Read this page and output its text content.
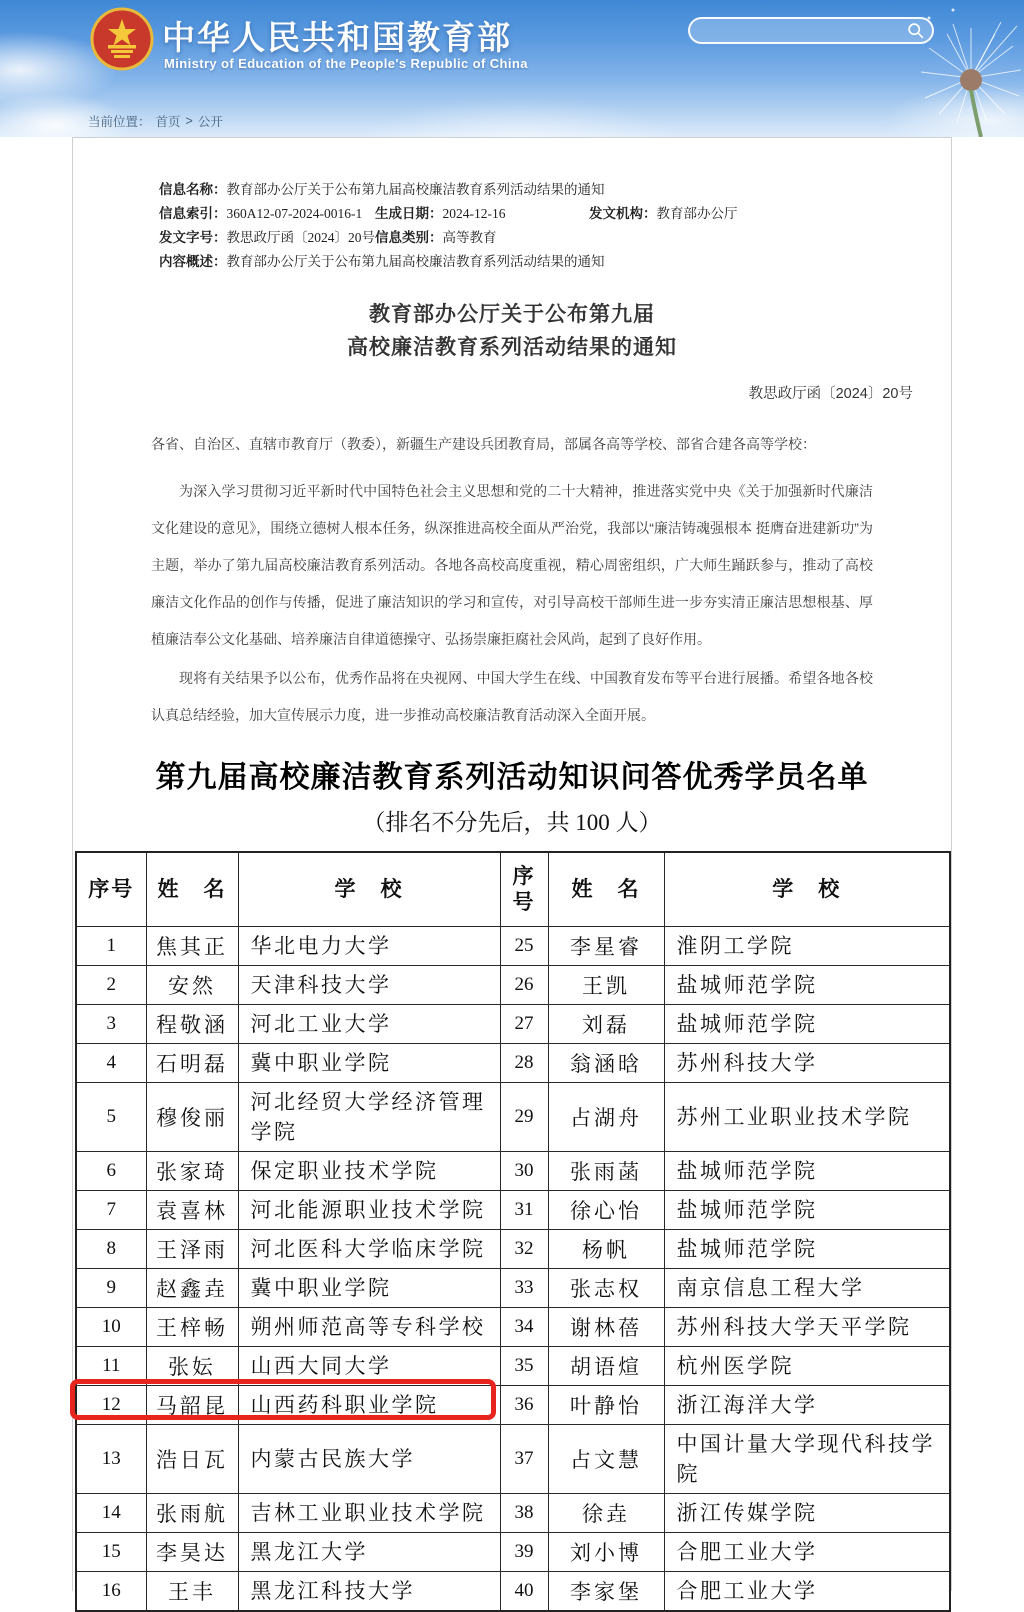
中华人民共和国教育部
Ministry of Education of the People's Republic of China
当前位置： 首页 > 公开
信息名称： 教育部办公厅关于公布第九届高校廉洁教育系列活动结果的通知
信息索引： 360A12-07-2024-0016-1 生成日期： 2024-12-16	发文机构： 教育部办公厅
发文字号： 教思政厅函〔2024〕20号 信息类别： 高等教育
内容概述： 教育部办公厅关于公布第九届高校廉洁教育系列活动结果的通知
教育部办公厅关于公布第九届
高校廉洁教育系列活动结果的通知
教思政厅函〔2024〕20号
各省、自治区、直辖市教育厅（教委），新疆生产建设兵团教育局，部属各高等学校、部省合建各高等学校：
为深入学习贯彻习近平新时代中国特色社会主义思想和党的二十大精神，推进落实党中央《关于加强新时代廉洁文化建设的意见》，围绕立德树人根本任务，纵深推进高校全面从严治党，我部以“廉洁铸魂强根本 挺膺奋进建新功”为主题，举办了第九届高校廉洁教育系列活动。各地各高校高度重视，精心周密组织，广大师生踊跃参与，推动了高校廉洁文化作品的创作与传播，促进了廉洁知识的学习和宣传，对引导高校干部师生进一步夯实清正廉洁思想根基、厚植廉洁奉公文化基础、培养廉洁自律道德操守、弘扬崇廉拒腐社会风尚，起到了良好作用。
现将有关结果予以公布，优秀作品将在央视网、中国大学生在线、中国教育发布等平台进行展播。希望各地各校认真总结经验，加大宣传展示力度，进一步推动高校廉洁教育活动深入全面开展。
第九届高校廉洁教育系列活动知识问答优秀学员名单
（排名不分先后，共 100 人）
序号	姓　名	学　校	序号	姓　名	学　校
1	焦其正	华北电力大学	25	李星睿	淮阴工学院
2	安然	天津科技大学	26	王凯	盐城师范学院
3	程敬涵	河北工业大学	27	刘磊	盐城师范学院
4	石明磊	冀中职业学院	28	翁涵晗	苏州科技大学
5	穆俊丽	河北经贸大学经济管理学院	29	占湖舟	苏州工业职业技术学院
6	张家琦	保定职业技术学院	30	张雨菡	盐城师范学院
7	袁喜林	河北能源职业技术学院	31	徐心怡	盐城师范学院
8	王泽雨	河北医科大学临床学院	32	杨帆	盐城师范学院
9	赵鑫垚	冀中职业学院	33	张志权	南京信息工程大学
10	王梓畅	朔州师范高等专科学校	34	谢林蓓	苏州科技大学天平学院
11	张妘	山西大同大学	35	胡语煊	杭州医学院
12	马韶昆	山西药科职业学院	36	叶静怡	浙江海洋大学
13	浩日瓦	内蒙古民族大学	37	占文慧	中国计量大学现代科技学院
14	张雨航	吉林工业职业技术学院	38	徐垚	浙江传媒学院
15	李昊达	黑龙江大学	39	刘小博	合肥工业大学
16	王丰	黑龙江科技大学	40	李家堡	合肥工业大学
